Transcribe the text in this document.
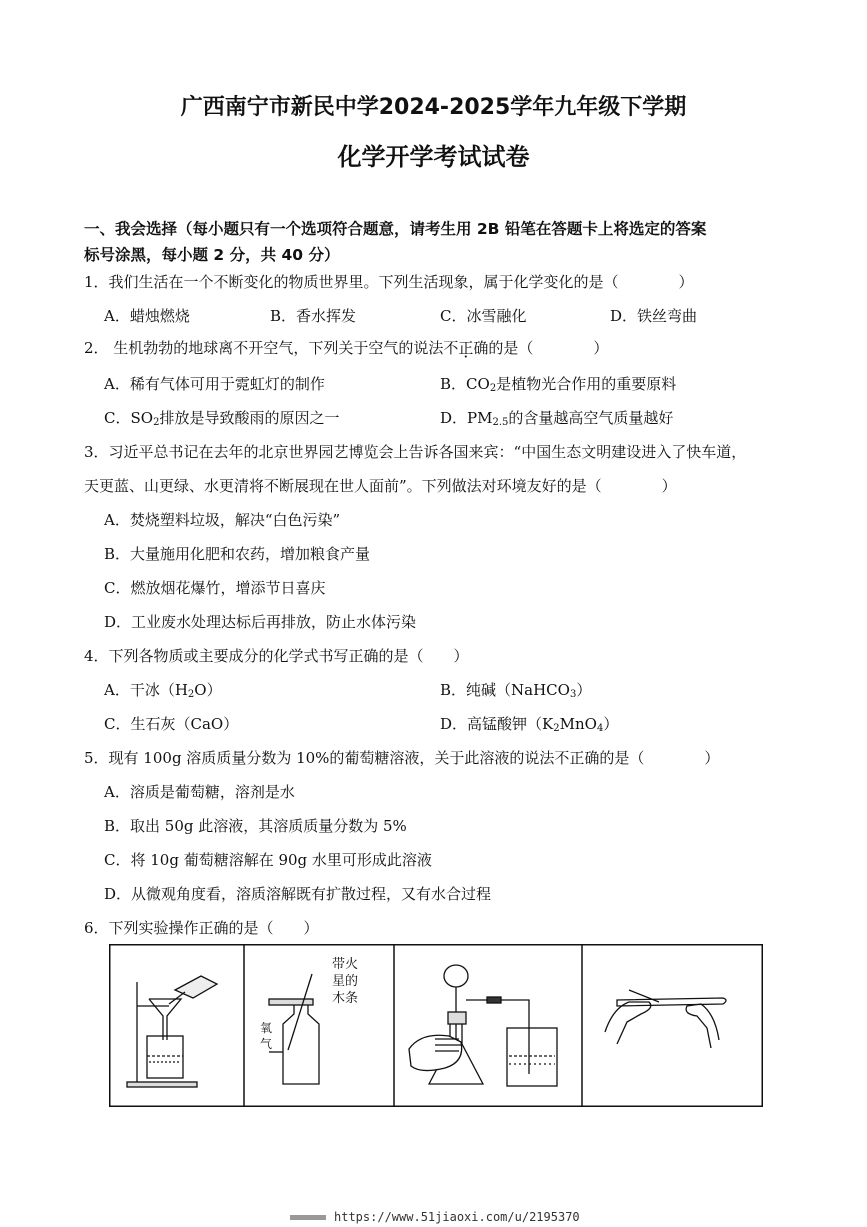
广西南宁市新民中学2024-2025学年九年级下学期
化学开学考试试卷
一、我会选择（每小题只有一个选项符合题意，请考生用 2B 铅笔在答题卡上将选定的答案
标号涂黑，每小题 2 分，共 40 分）
1．我们生活在一个不断变化的物质世界里。下列生活现象，属于化学变化的是（　　　　）
A．蜡烛燃烧	B．香水挥发	C．冰雪融化	D．铁丝弯曲
2． 生机勃勃的地球离不开空气，下列关于空气的说法不正确的是（　　　　）
A．稀有气体可用于霓虹灯的制作	B．$CO_2$是植物光合作用的重要原料
C．$SO_2$排放是导致酸雨的原因之一	D．$PM_{2.5}$的含量越高空气质量越好
3．习近平总书记在去年的北京世界园艺博览会上告诉各国来宾：“中国生态文明建设进入了快车道，
天更蓝、山更绿、水更清将不断展现在世人面前”。下列做法对环境友好的是（　　　　）
A．焚烧塑料垃圾，解决“白色污染”
B．大量施用化肥和农药，增加粮食产量
C．燃放烟花爆竹，增添节日喜庆
D．工业废水处理达标后再排放，防止水体污染
4．下列各物质或主要成分的化学式书写正确的是（　　）
A．干冰$(H_2O)$	B．纯碱（NaHCO$_3$）
C．生石灰（CaO）	D．高锰酸钾$(K_2MnO_4)$
5．现有 100g 溶质质量分数为 10%的葡萄糖溶液，关于此溶液的说法不正确的是（　　　　）
A．溶质是葡萄糖，溶剂是水
B．取出 50g 此溶液，其溶质质量分数为 5%
C．将 10g 葡萄糖溶解在 90g 水里可形成此溶液
D．从微观角度看，溶质溶解既有扩散过程，又有水合过程
6．下列实验操作正确的是（　　）
带火
星的
木条
氧
气
https://www.51jiaoxi.com/u/2195370
